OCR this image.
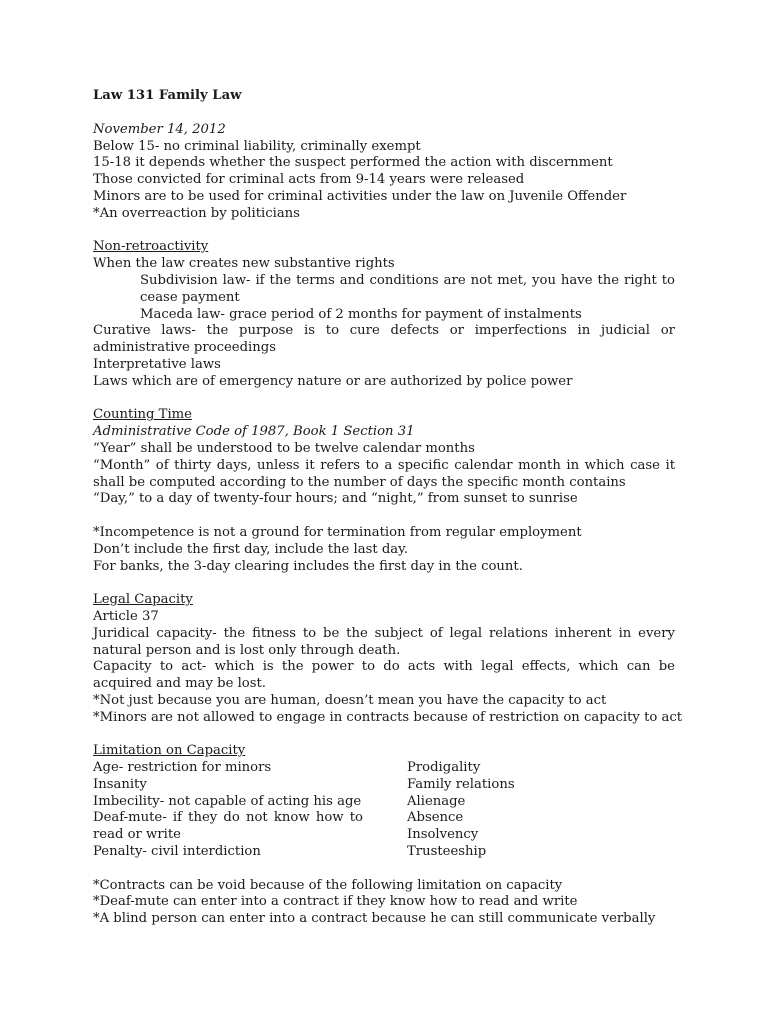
Law 131 Family Law

November 14, 2012

Below 15- no criminal liability, criminally exempt

15-18 it depends whether the suspect performed the action with discernment

Those convicted for criminal acts from 9-14 years were released

Minors are to be used for criminal activities under the law on Juvenile Offender

*An overreaction by politicians

Non-retroactivity

When the law creates new substantive rights

Subdivision law- if the terms and conditions are not met, you have the right to cease payment

Maceda law- grace period of 2 months for payment of instalments

Curative laws- the purpose is to cure defects or imperfections in judicial or administrative proceedings

Interpretative laws

Laws which are of emergency nature or are authorized by police power

Counting Time

Administrative Code of 1987, Book 1 Section 31

“Year” shall be understood to be twelve calendar months

“Month” of thirty days, unless it refers to a specific calendar month in which case it shall be computed according to the number of days the specific month contains

“Day,” to a day of twenty-four hours; and “night,” from sunset to sunrise

*Incompetence is not a ground for termination from regular employment

Don’t include the first day, include the last day.

For banks, the 3-day clearing includes the first day in the count.

Legal Capacity

Article 37

Juridical capacity- the fitness to be the subject of legal relations inherent in every natural person and is lost only through death.

Capacity to act- which is the power to do acts with legal effects, which can be acquired and may be lost.

*Not just because you are human, doesn’t mean you have the capacity to act

*Minors are not allowed to engage in contracts because of restriction on capacity to act

Limitation on Capacity

Age- restriction for minors

Insanity

Imbecility- not capable of acting his age

Deaf-mute- if they do not know how to read or write

Penalty- civil interdiction

Prodigality

Family relations

Alienage

Absence

Insolvency

Trusteeship

*Contracts can be void because of the following limitation on capacity

*Deaf-mute can enter into a contract if they know how to read and write

*A blind person can enter into a contract because he can still communicate verbally
